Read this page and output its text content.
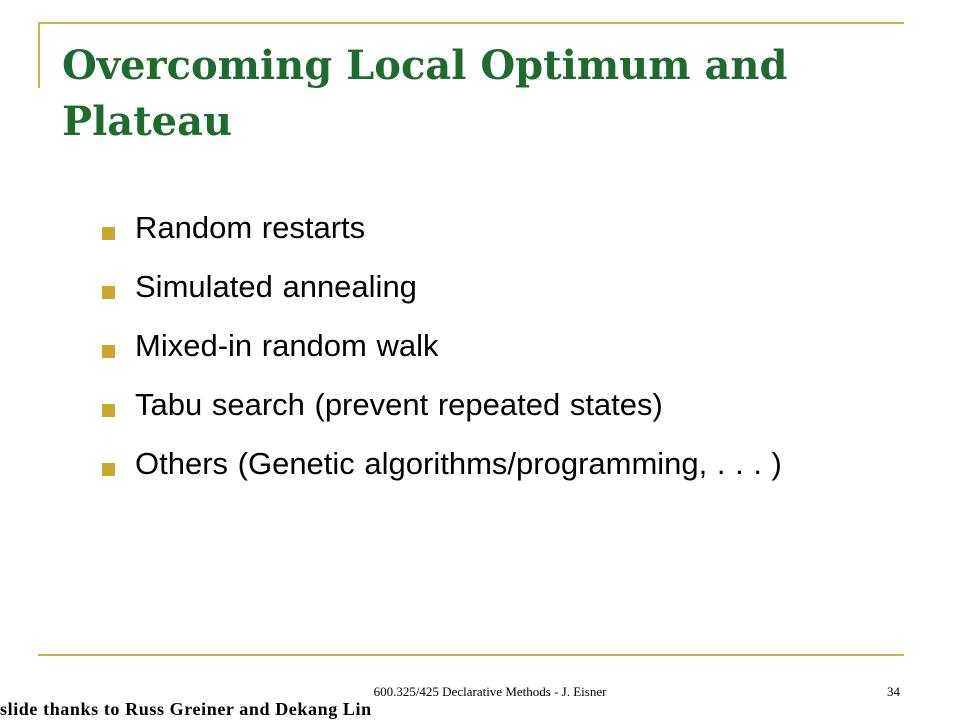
Overcoming Local Optimum and Plateau
Random restarts
Simulated annealing
Mixed-in random walk
Tabu search (prevent repeated states)
Others (Genetic algorithms/programming, . . . )
600.325/425 Declarative Methods - J. Eisner	34
slide thanks to Russ Greiner and Dekang Lin
